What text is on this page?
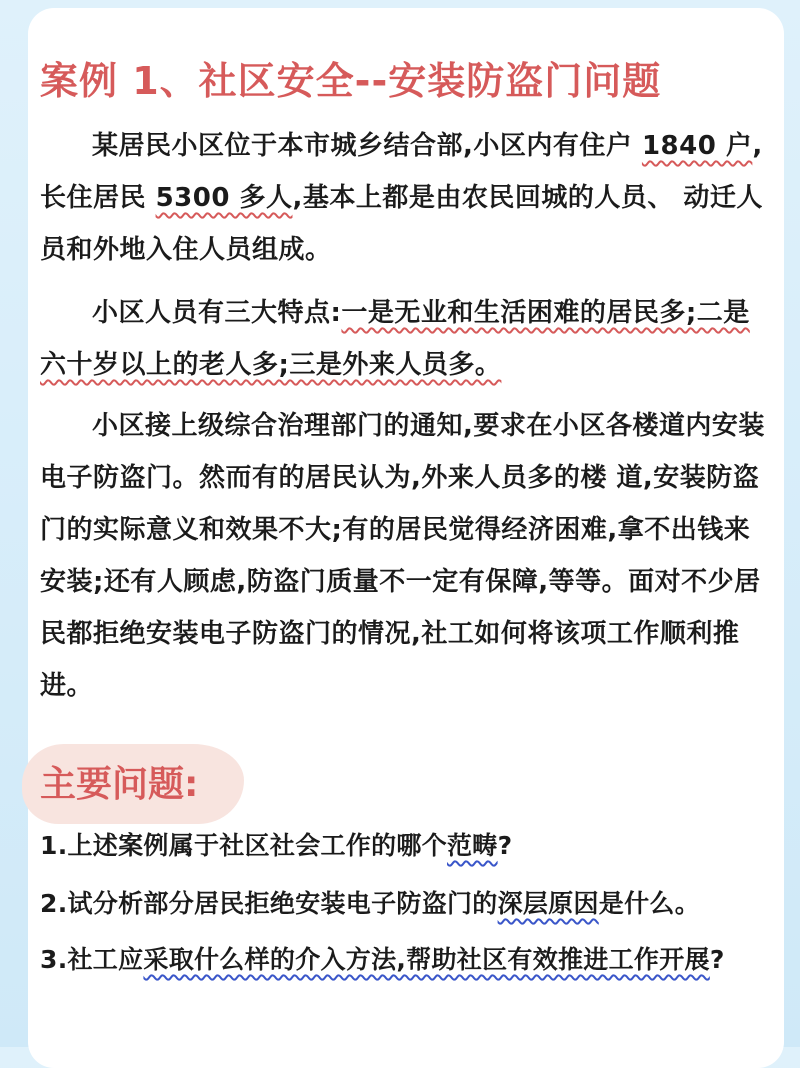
案例 1、社区安全--安装防盗门问题

某居民小区位于本市城乡结合部,小区内有住户 1840 户,长住居民 5300 多人,基本上都是由农民回城的人员、 动迁人员和外地入住人员组成。

小区人员有三大特点:一是无业和生活困难的居民多;二是六十岁以上的老人多;三是外来人员多。

小区接上级综合治理部门的通知,要求在小区各楼道内安装电子防盗门。然而有的居民认为,外来人员多的楼 道,安装防盗门的实际意义和效果不大;有的居民觉得经济困难,拿不出钱来安装;还有人顾虑,防盗门质量不一定有保障,等等。面对不少居民都拒绝安装电子防盗门的情况,社工如何将该项工作顺利推进。

主要问题:

1.上述案例属于社区社会工作的哪个范畴?

2.试分析部分居民拒绝安装电子防盗门的深层原因是什么。

3.社工应采取什么样的介入方法,帮助社区有效推进工作开展?
